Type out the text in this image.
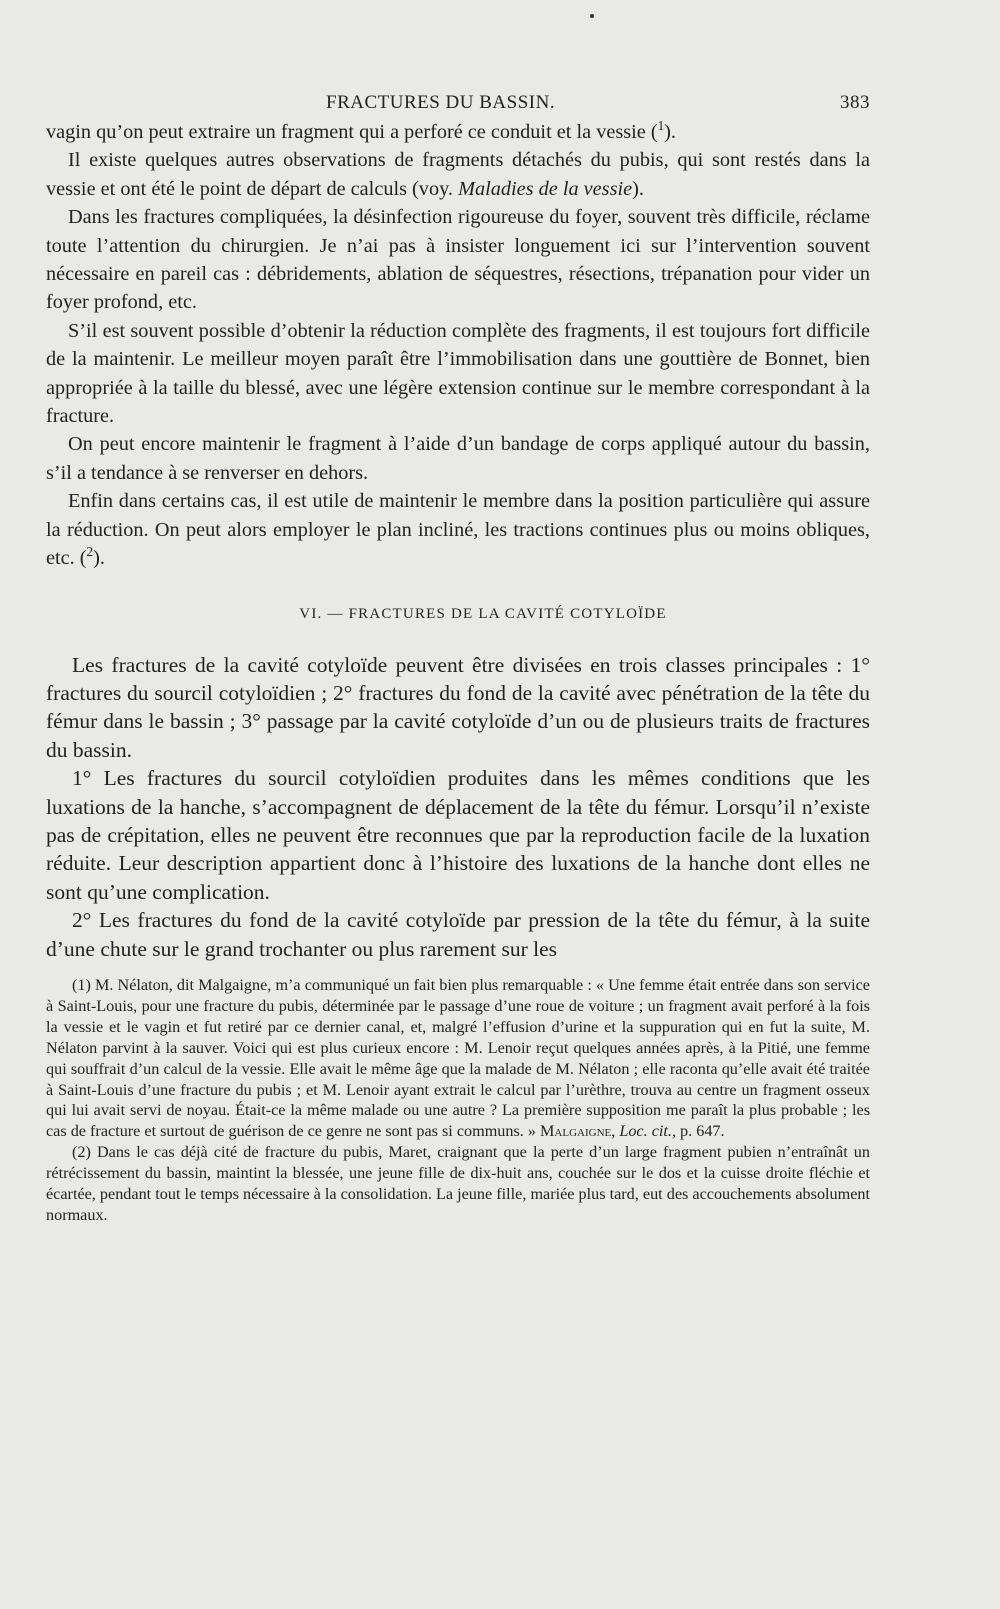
FRACTURES DU BASSIN.	383

vagin qu’on peut extraire un fragment qui a perforé ce conduit et la vessie ($^1$).

Il existe quelques autres observations de fragments détachés du pubis, qui sont restés dans la vessie et ont été le point de départ de calculs (voy. Maladies de la vessie).

Dans les fractures compliquées, la désinfection rigoureuse du foyer, souvent très difficile, réclame toute l’attention du chirurgien. Je n’ai pas à insister longuement ici sur l’intervention souvent nécessaire en pareil cas : débridements, ablation de séquestres, résections, trépanation pour vider un foyer profond, etc.

S’il est souvent possible d’obtenir la réduction complète des fragments, il est toujours fort difficile de la maintenir. Le meilleur moyen paraît être l’immobilisation dans une gouttière de Bonnet, bien appropriée à la taille du blessé, avec une légère extension continue sur le membre correspondant à la fracture.

On peut encore maintenir le fragment à l’aide d’un bandage de corps appliqué autour du bassin, s’il a tendance à se renverser en dehors.

Enfin dans certains cas, il est utile de maintenir le membre dans la position particulière qui assure la réduction. On peut alors employer le plan incliné, les tractions continues plus ou moins obliques, etc. ($^2$).

VI. — FRACTURES DE LA CAVITÉ COTYLOÏDE

Les fractures de la cavité cotyloïde peuvent être divisées en trois classes principales : 1° fractures du sourcil cotyloïdien ; 2° fractures du fond de la cavité avec pénétration de la tête du fémur dans le bassin ; 3° passage par la cavité cotyloïde d’un ou de plusieurs traits de fractures du bassin.

1° Les fractures du sourcil cotyloïdien produites dans les mêmes conditions que les luxations de la hanche, s’accompagnent de déplacement de la tête du fémur. Lorsqu’il n’existe pas de crépitation, elles ne peuvent être reconnues que par la reproduction facile de la luxation réduite. Leur description appartient donc à l’histoire des luxations de la hanche dont elles ne sont qu’une complication.

2° Les fractures du fond de la cavité cotyloïde par pression de la tête du fémur, à la suite d’une chute sur le grand trochanter ou plus rarement sur les

(1) M. Nélaton, dit Malgaigne, m’a communiqué un fait bien plus remarquable : « Une femme était entrée dans son service à Saint-Louis, pour une fracture du pubis, déterminée par le passage d’une roue de voiture ; un fragment avait perforé à la fois la vessie et le vagin et fut retiré par ce dernier canal, et, malgré l’effusion d’urine et la suppuration qui en fut la suite, M. Nélaton parvint à la sauver. Voici qui est plus curieux encore : M. Lenoir reçut quelques années après, à la Pitié, une femme qui souffrait d’un calcul de la vessie. Elle avait le même âge que la malade de M. Nélaton ; elle raconta qu’elle avait été traitée à Saint-Louis d’une fracture du pubis ; et M. Lenoir ayant extrait le calcul par l’urèthre, trouva au centre un fragment osseux qui lui avait servi de noyau. Était-ce la même malade ou une autre ? La première supposition me paraît la plus probable ; les cas de fracture et surtout de guérison de ce genre ne sont pas si communs. » Malgaigne, Loc. cit., p. 647.

(2) Dans le cas déjà cité de fracture du pubis, Maret, craignant que la perte d’un large fragment pubien n’entraînât un rétrécissement du bassin, maintint la blessée, une jeune fille de dix-huit ans, couchée sur le dos et la cuisse droite fléchie et écartée, pendant tout le temps nécessaire à la consolidation. La jeune fille, mariée plus tard, eut des accouchements absolument normaux.
